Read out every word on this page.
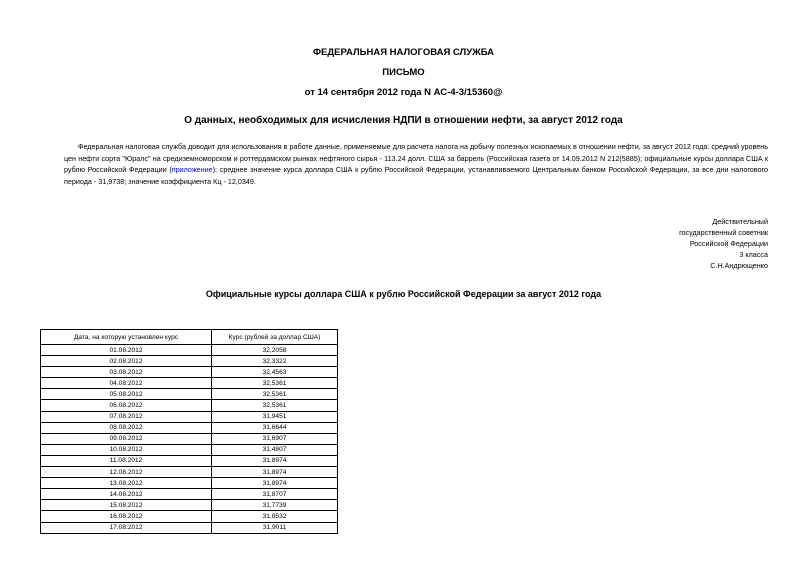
ФЕДЕРАЛЬНАЯ НАЛОГОВАЯ СЛУЖБА
ПИСЬМО
от 14 сентября 2012 года N АС-4-3/15360@
О данных, необходимых для исчисления НДПИ в отношении нефти, за август 2012 года
Федеральная налоговая служба доводит для использования в работе данные, применяемые для расчета налога на добычу полезных ископаемых в отношении нефти, за август 2012 года: средний уровень цен нефти сорта "Юралс" на средиземноморском и роттердамском рынках нефтяного сырья - 113.24 долл. США за баррель (Российская газета от 14.09.2012 N 212(5885); официальные курсы доллара США к рублю Российской Федерации (приложение); среднее значение курса доллара США к рублю Российской Федерации, устанавливаемого Центральным банком Российской Федерации, за все дни налогового периода - 31,9738; значение коэффициента Кц - 12,0349.
Действительный
государственный советник
Российской Федерации
3 класса
С.Н.Андрющенко
Официальные курсы доллара США к рублю Российской Федерации за август 2012 года
Дата, на которую установлен курс	Курс (рублей за доллар США)
01.08.2012	32,2058
02.08.2012	32,3322
03.08.2012	32,4563
04.08.2012	32,5361
05.08.2012	32,5361
06.08.2012	32,5361
07.08.2012	31,9451
08.08.2012	31,6644
09.08.2012	31,6907
10.08.2012	31,4807
11.08.2012	31,8974
12.08.2012	31,8974
13.08.2012	31,8974
14.08.2012	31,8707
15.08.2012	31,7739
16.08.2012	31,8532
17.08.2012	31,9011
